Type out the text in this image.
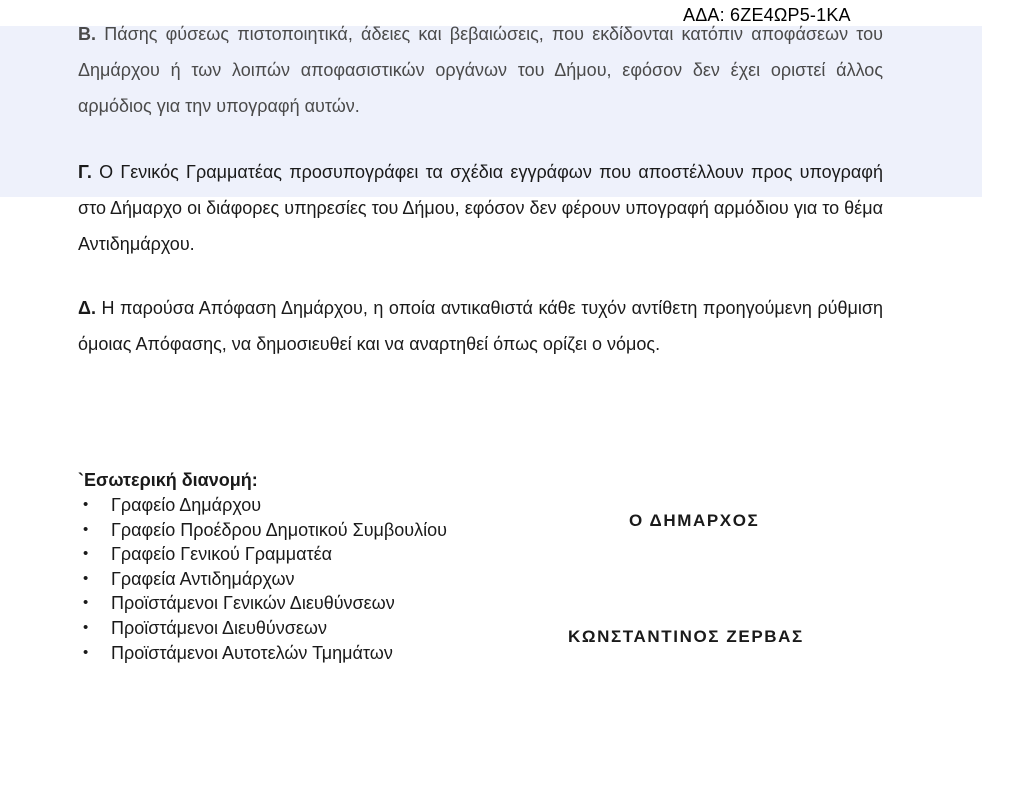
ΑΔΑ: 6ΖΕ4ΩΡ5-1ΚΑ

Β. Πάσης φύσεως πιστοποιητικά, άδειες και βεβαιώσεις, που εκδίδονται κατόπιν αποφάσεων του Δημάρχου ή των λοιπών αποφασιστικών οργάνων του Δήμου, εφόσον δεν έχει οριστεί άλλος αρμόδιος για την υπογραφή αυτών.

Γ. Ο Γενικός Γραμματέας προσυπογράφει τα σχέδια εγγράφων που αποστέλλουν προς υπογραφή στο Δήμαρχο οι διάφορες υπηρεσίες του Δήμου, εφόσον δεν φέρουν υπογραφή αρμόδιου για το θέμα Αντιδημάρχου.

Δ. Η παρούσα Απόφαση Δημάρχου, η οποία αντικαθιστά κάθε τυχόν αντίθετη προηγούμενη ρύθμιση όμοιας Απόφασης, να δημοσιευθεί και να αναρτηθεί όπως ορίζει ο νόμος.

`Εσωτερική διανομή:
• Γραφείο Δημάρχου
• Γραφείο Προέδρου Δημοτικού Συμβουλίου
• Γραφείο Γενικού Γραμματέα
• Γραφεία Αντιδημάρχων
• Προϊστάμενοι Γενικών Διευθύνσεων
• Προϊστάμενοι Διευθύνσεων
• Προϊστάμενοι Αυτοτελών Τμημάτων
Ο ΔΗΜΑΡΧΟΣ
ΚΩΝΣΤΑΝΤΙΝΟΣ ΖΕΡΒΑΣ
